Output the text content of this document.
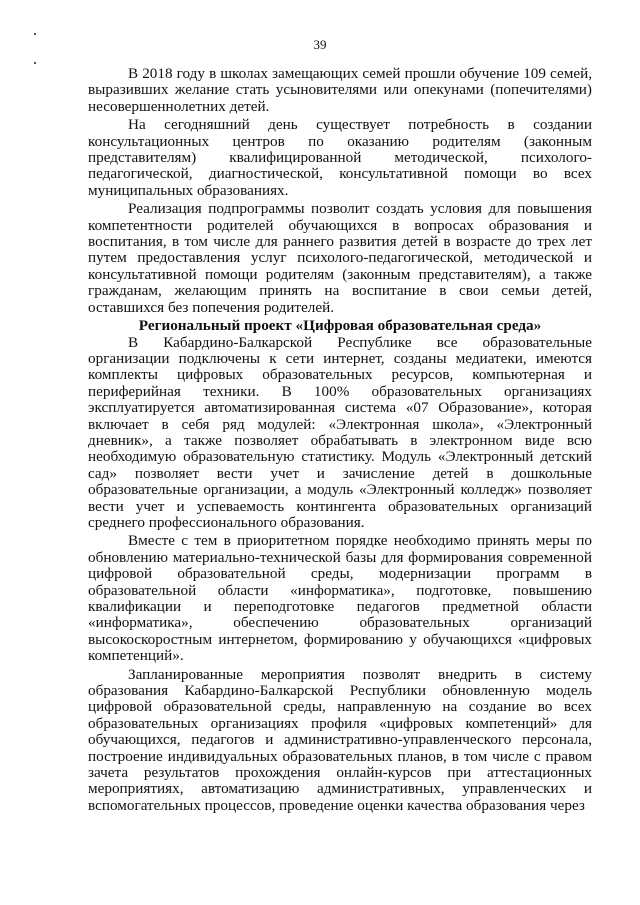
39

В 2018 году в школах замещающих семей прошли обучение 109 семей, выразивших желание стать усыновителями или опекунами (попечителями) несовершеннолетних детей.

На сегодняшний день существует потребность в создании консультационных центров по оказанию родителям (законным представителям) квалифицированной методической, психолого-педагогической, диагностической, консультативной помощи во всех муниципальных образованиях.

Реализация подпрограммы позволит создать условия для повышения компетентности родителей обучающихся в вопросах образования и воспитания, в том числе для раннего развития детей в возрасте до трех лет путем предоставления услуг психолого-педагогической, методической и консультативной помощи родителям (законным представителям), а также гражданам, желающим принять на воспитание в свои семьи детей, оставшихся без попечения родителей.

Региональный проект «Цифровая образовательная среда»

В Кабардино-Балкарской Республике все образовательные организации подключены к сети интернет, созданы медиатеки, имеются комплекты цифровых образовательных ресурсов, компьютерная и периферийная техники. В 100% образовательных организациях эксплуатируется автоматизированная система «07 Образование», которая включает в себя ряд модулей: «Электронная школа», «Электронный дневник», а также позволяет обрабатывать в электронном виде всю необходимую образовательную статистику. Модуль «Электронный детский сад» позволяет вести учет и зачисление детей в дошкольные образовательные организации, а модуль «Электронный колледж» позволяет вести учет и успеваемость контингента образовательных организаций среднего профессионального образования.

Вместе с тем в приоритетном порядке необходимо принять меры по обновлению материально-технической базы для формирования современной цифровой образовательной среды, модернизации программ в образовательной области «информатика», подготовке, повышению квалификации и переподготовке педагогов предметной области «информатика», обеспечению образовательных организаций высокоскоростным интернетом, формированию у обучающихся «цифровых компетенций».

Запланированные мероприятия позволят внедрить в систему образования Кабардино-Балкарской Республики обновленную модель цифровой образовательной среды, направленную на создание во всех образовательных организациях профиля «цифровых компетенций» для обучающихся, педагогов и административно-управленческого персонала, построение индивидуальных образовательных планов, в том числе с правом зачета результатов прохождения онлайн-курсов при аттестационных мероприятиях, автоматизацию административных, управленческих и вспомогательных процессов, проведение оценки качества образования через
